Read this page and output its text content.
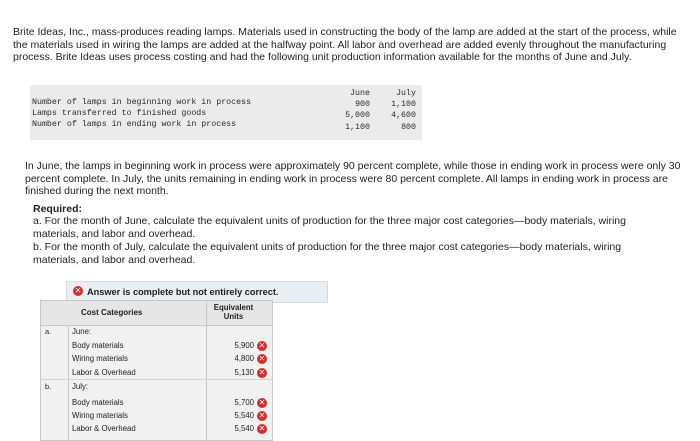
Brite Ideas, Inc., mass-produces reading lamps. Materials used in constructing the body of the lamp are added at the start of the process, while the materials used in wiring the lamps are added at the halfway point. All labor and overhead are added evenly throughout the manufacturing process. Brite Ideas uses process costing and had the following unit production information available for the months of June and July.
June	July
Number of lamps in beginning work in process	900	1,100
Lamps transferred to finished goods	5,000	4,600
Number of lamps in ending work in process	1,100	800
In June, the lamps in beginning work in process were approximately 90 percent complete, while those in ending work in process were only 30 percent complete. In July, the units remaining in ending work in process were 80 percent complete. All lamps in ending work in process are finished during the next month.
Required:
a. For the month of June, calculate the equivalent units of production for the three major cost categories—body materials, wiring materials, and labor and overhead.
b. For the month of July, calculate the equivalent units of production for the three major cost categories—body materials, wiring materials, and labor and overhead.
✕ Answer is complete but not entirely correct.
Cost Categories
Equivalent Units
a.	June:
Body materials	5,900 ✕
Wiring materials	4,800 ✕
Labor & Overhead	5,130 ✕
b.	July:
Body materials	5,700 ✕
Wiring materials	5,540 ✕
Labor & Overhead	5,540 ✕
